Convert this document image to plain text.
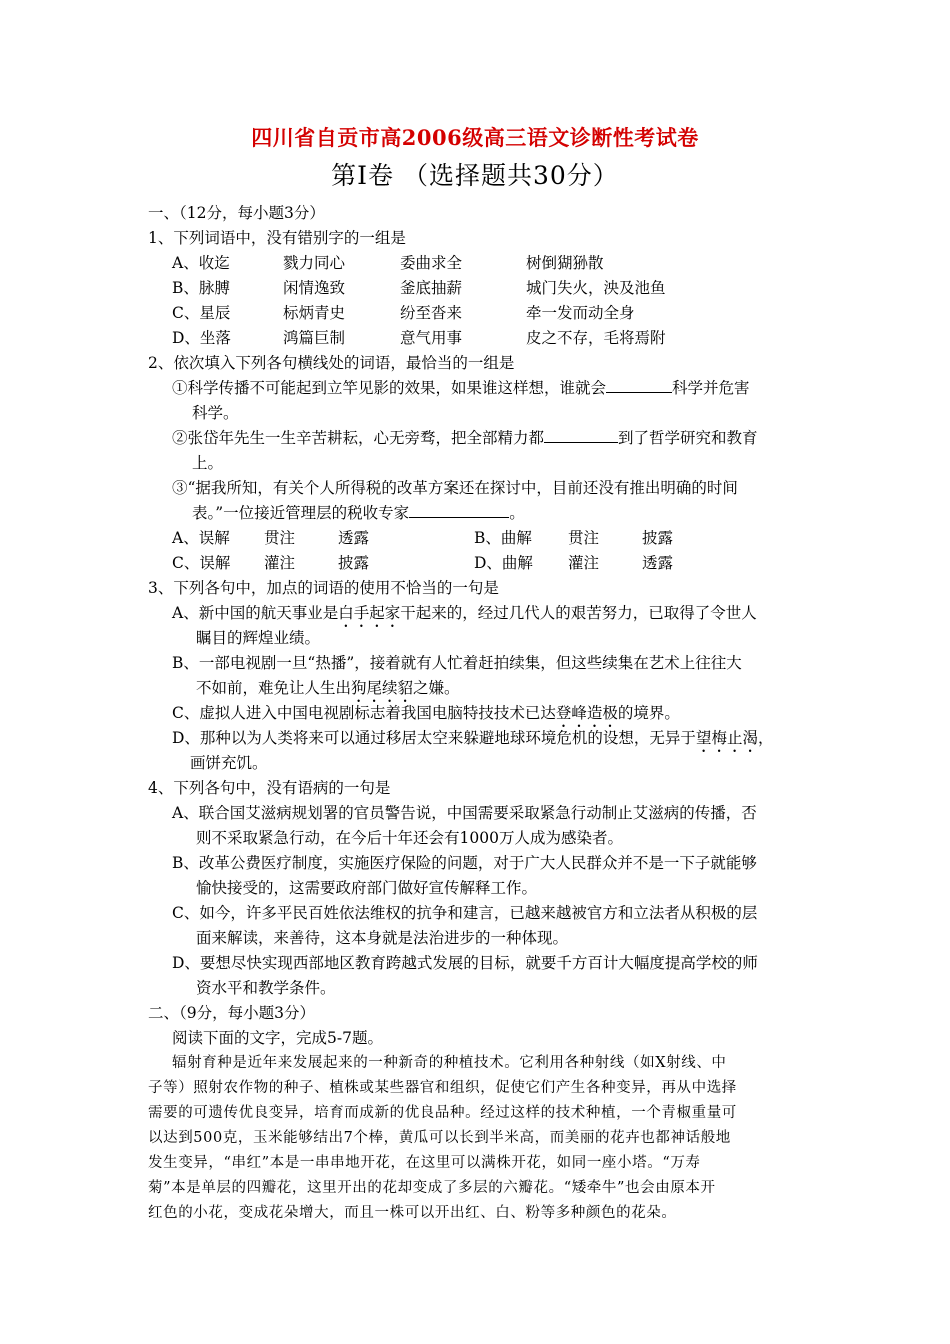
四川省自贡市高2006级高三语文诊断性考试卷
第I卷 （选择题共30分）
一、（12分，每小题3分）
1、下列词语中，没有错别字的一组是
A、收迄	戮力同心	委曲求全	树倒猢狲散
B、脉膊	闲情逸致	釜底抽薪	城门失火，泱及池鱼
C、星辰	标炳青史	纷至沓来	牵一发而动全身
D、坐落	鸿篇巨制	意气用事	皮之不存，毛将焉附
2、依次填入下列各句横线处的词语，最恰当的一组是
①科学传播不可能起到立竿见影的效果，如果谁这样想，谁就会	科学并危害
科学。
②张岱年先生一生辛苦耕耘，心无旁骛，把全部精力都	到了哲学研究和教育
上。
③“据我所知，有关个人所得税的改革方案还在探讨中，目前还没有推出明确的时间
表。”一位接近管理层的税收专家	。
A、误解 贯注	透露	B、曲解 贯注	披露
C、误解 灌注	披露	D、曲解 灌注	透露
3、下列各句中，加点的词语的使用不恰当的一句是
A、新中国的航天事业是白手起家干起来的，经过几代人的艰苦努力，已取得了令世人
瞩目的辉煌业绩。
B、一部电视剧一旦“热播”，接着就有人忙着赶拍续集，但这些续集在艺术上往往大
不如前，难免让人生出狗尾续貂之嫌。
C、虚拟人进入中国电视剧标志着我国电脑特技技术已达登峰造极的境界。
D、那种以为人类将来可以通过移居太空来躲避地球环境危机的设想，无异于望梅止渴，
画饼充饥。
4、下列各句中，没有语病的一句是
A、联合国艾滋病规划署的官员警告说，中国需要采取紧急行动制止艾滋病的传播，否
则不采取紧急行动，在今后十年还会有1000万人成为感染者。
B、改革公费医疗制度，实施医疗保险的问题，对于广大人民群众并不是一下子就能够
愉快接受的，这需要政府部门做好宣传解释工作。
C、如今，许多平民百姓依法维权的抗争和建言，已越来越被官方和立法者从积极的层
面来解读，来善待，这本身就是法治进步的一种体现。
D、要想尽快实现西部地区教育跨越式发展的目标，就要千方百计大幅度提高学校的师
资水平和教学条件。
二、（9分，每小题3分）
阅读下面的文字，完成5-7题。
辐射育种是近年来发展起来的一种新奇的种植技术。它利用各种射线（如X射线、中
子等）照射农作物的种子、植株或某些器官和组织，促使它们产生各种变异，再从中选择
需要的可遗传优良变异，培育而成新的优良品种。经过这样的技术种植，一个青椒重量可
以达到500克，玉米能够结出7个棒，黄瓜可以长到半米高，而美丽的花卉也都神话般地
发生变异，“串红”本是一串串地开花，在这里可以满株开花，如同一座小塔。“万寿
菊”本是单层的四瓣花，这里开出的花却变成了多层的六瓣花。“矮牵牛”也会由原本开
红色的小花，变成花朵增大，而且一株可以开出红、白、粉等多种颜色的花朵。
